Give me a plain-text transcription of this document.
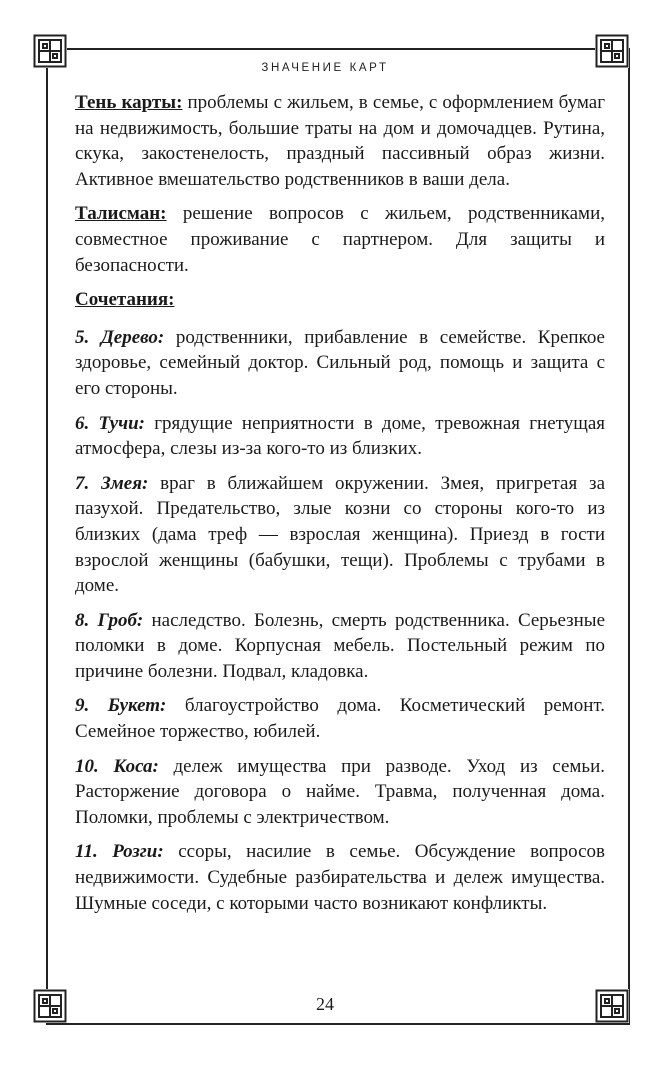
ЗНАЧЕНИЕ КАРТ

Тень карты: проблемы с жильем, в семье, с оформлением бумаг на недвижимость, большие траты на дом и домочадцев. Рутина, скука, закостенелость, праздный пассивный образ жизни. Активное вмешательство родственников в ваши дела.

Талисман: решение вопросов с жильем, родственниками, совместное проживание с партнером. Для защиты и безопасности.

Сочетания:

5. Дерево: родственники, прибавление в семействе. Крепкое здоровье, семейный доктор. Сильный род, помощь и защита с его стороны.

6. Тучи: грядущие неприятности в доме, тревожная гнетущая атмосфера, слезы из-за кого-то из близких.

7. Змея: враг в ближайшем окружении. Змея, пригретая за пазухой. Предательство, злые козни со стороны кого-то из близких (дама треф — взрослая женщина). Приезд в гости взрослой женщины (бабушки, тещи). Проблемы с трубами в доме.

8. Гроб: наследство. Болезнь, смерть родственника. Серьезные поломки в доме. Корпусная мебель. Постельный режим по причине болезни. Подвал, кладовка.

9. Букет: благоустройство дома. Косметический ремонт. Семейное торжество, юбилей.

10. Коса: дележ имущества при разводе. Уход из семьи. Расторжение договора о найме. Травма, полученная дома. Поломки, проблемы с электричеством.

11. Розги: ссоры, насилие в семье. Обсуждение вопросов недвижимости. Судебные разбирательства и дележ имущества. Шумные соседи, с которыми часто возникают конфликты.

24
